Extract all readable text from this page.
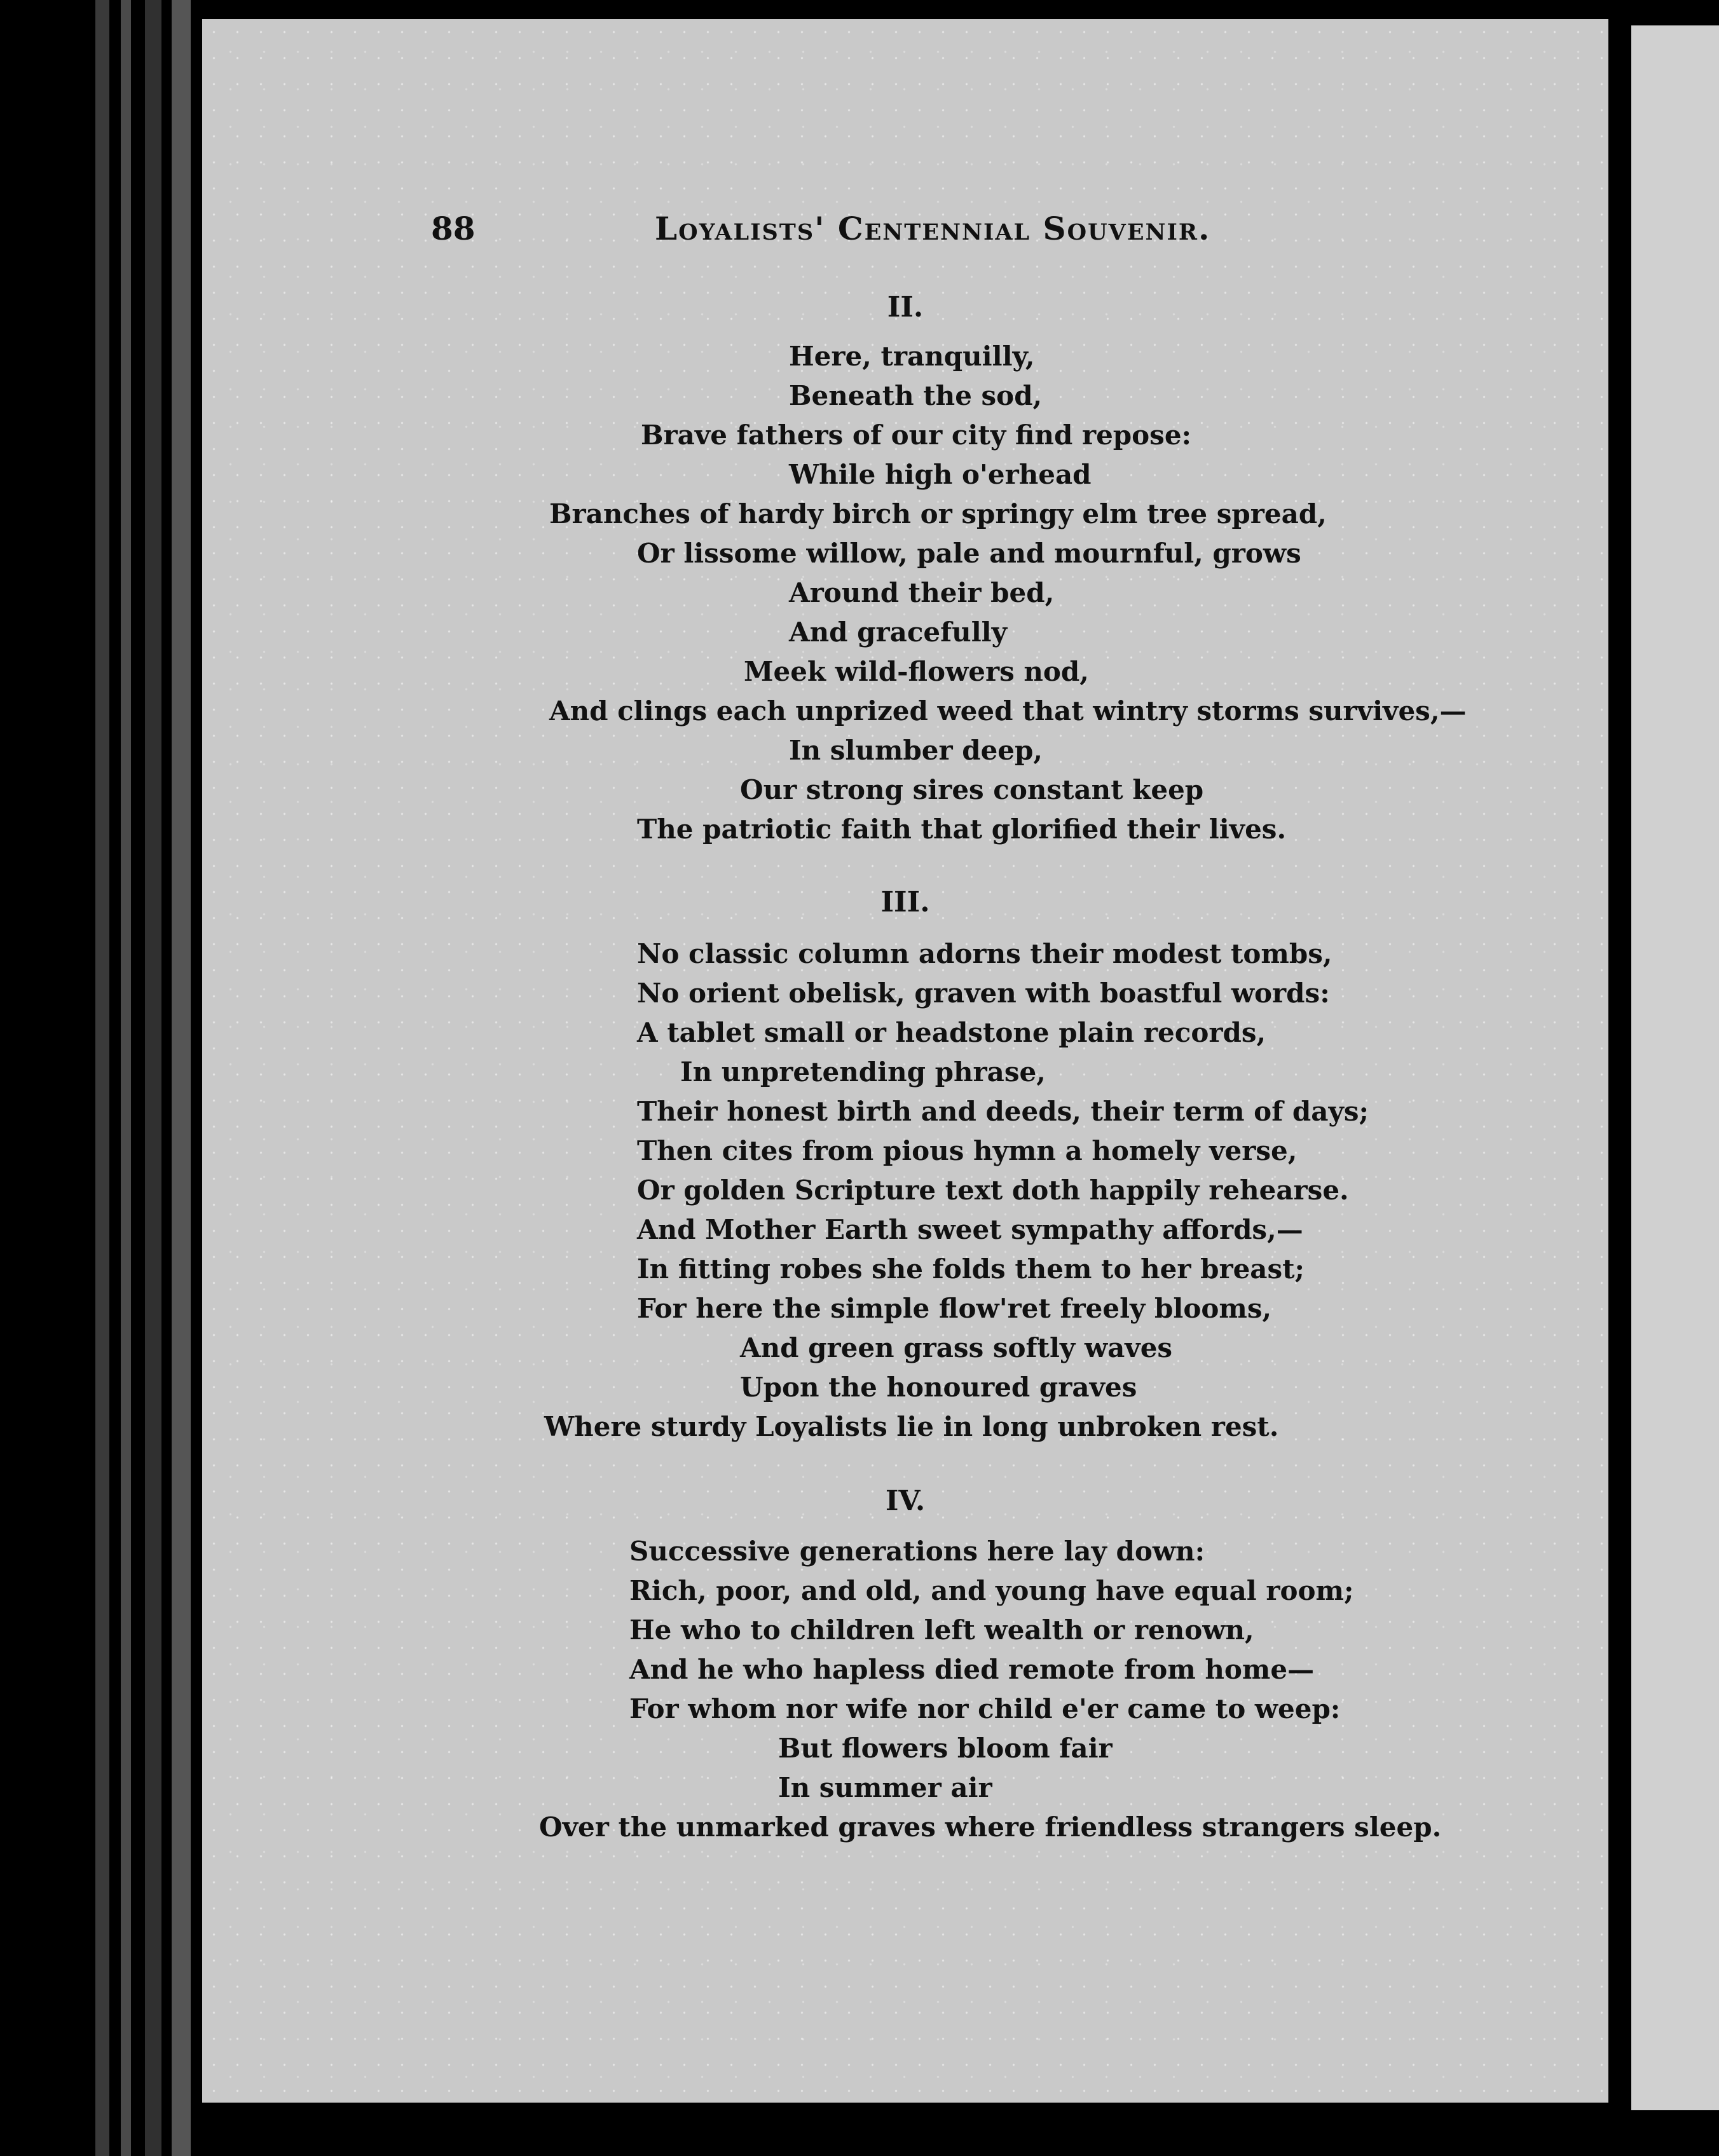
88	Loyalists' Centennial Souvenir.
II.
Here, tranquilly,
Beneath the sod,
Brave fathers of our city find repose:
While high o'erhead
Branches of hardy birch or springy elm tree spread,
Or lissome willow, pale and mournful, grows
Around their bed,
And gracefully
Meek wild-flowers nod,
And clings each unprized weed that wintry storms survives,—
In slumber deep,
Our strong sires constant keep
The patriotic faith that glorified their lives.
III.
No classic column adorns their modest tombs,
No orient obelisk, graven with boastful words:
A tablet small or headstone plain records,
In unpretending phrase,
Their honest birth and deeds, their term of days;
Then cites from pious hymn a homely verse,
Or golden Scripture text doth happily rehearse.
And Mother Earth sweet sympathy affords,—
In fitting robes she folds them to her breast;
For here the simple flow'ret freely blooms,
And green grass softly waves
Upon the honoured graves
Where sturdy Loyalists lie in long unbroken rest.
IV.
Successive generations here lay down:
Rich, poor, and old, and young have equal room;
He who to children left wealth or renown,
And he who hapless died remote from home—
For whom nor wife nor child e'er came to weep:
But flowers bloom fair
In summer air
Over the unmarked graves where friendless strangers sleep.
